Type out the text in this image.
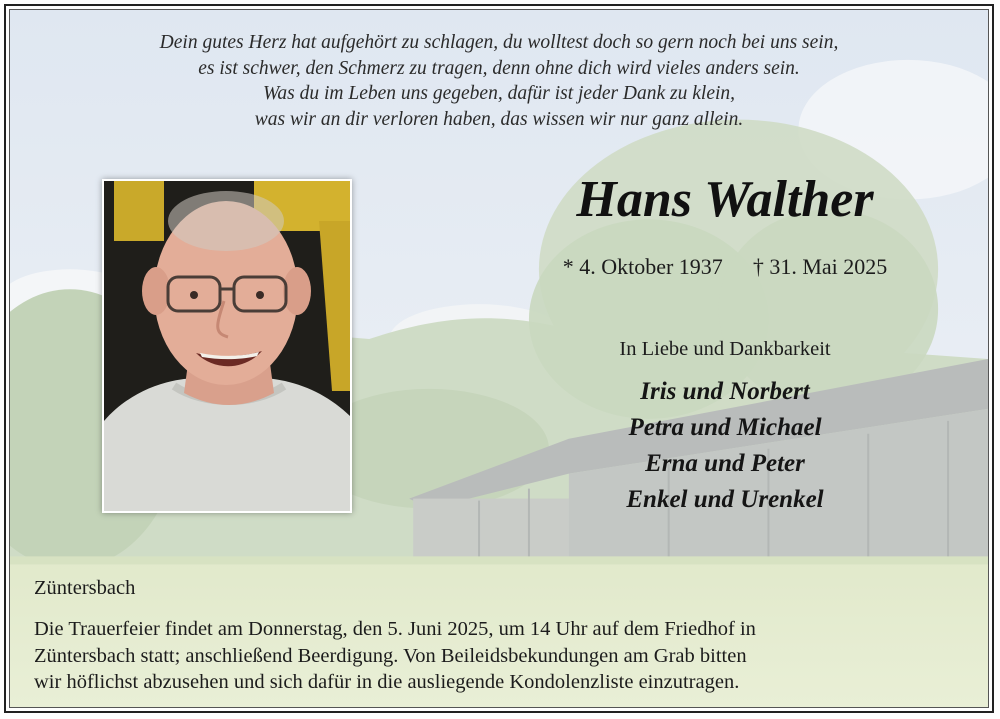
Dein gutes Herz hat aufgehört zu schlagen, du wolltest doch so gern noch bei uns sein,
es ist schwer, den Schmerz zu tragen, denn ohne dich wird vieles anders sein.
Was du im Leben uns gegeben, dafür ist jeder Dank zu klein,
was wir an dir verloren haben, das wissen wir nur ganz allein.
Hans Walther
* 4. Oktober 1937 † 31. Mai 2025
In Liebe und Dankbarkeit
Iris und Norbert
Petra und Michael
Erna und Peter
Enkel und Urenkel
Züntersbach
Die Trauerfeier findet am Donnerstag, den 5. Juni 2025, um 14 Uhr auf dem Friedhof in
Züntersbach statt; anschließend Beerdigung. Von Beileidsbekundungen am Grab bitten
wir höflichst abzusehen und sich dafür in die ausliegende Kondolenzliste einzutragen.
